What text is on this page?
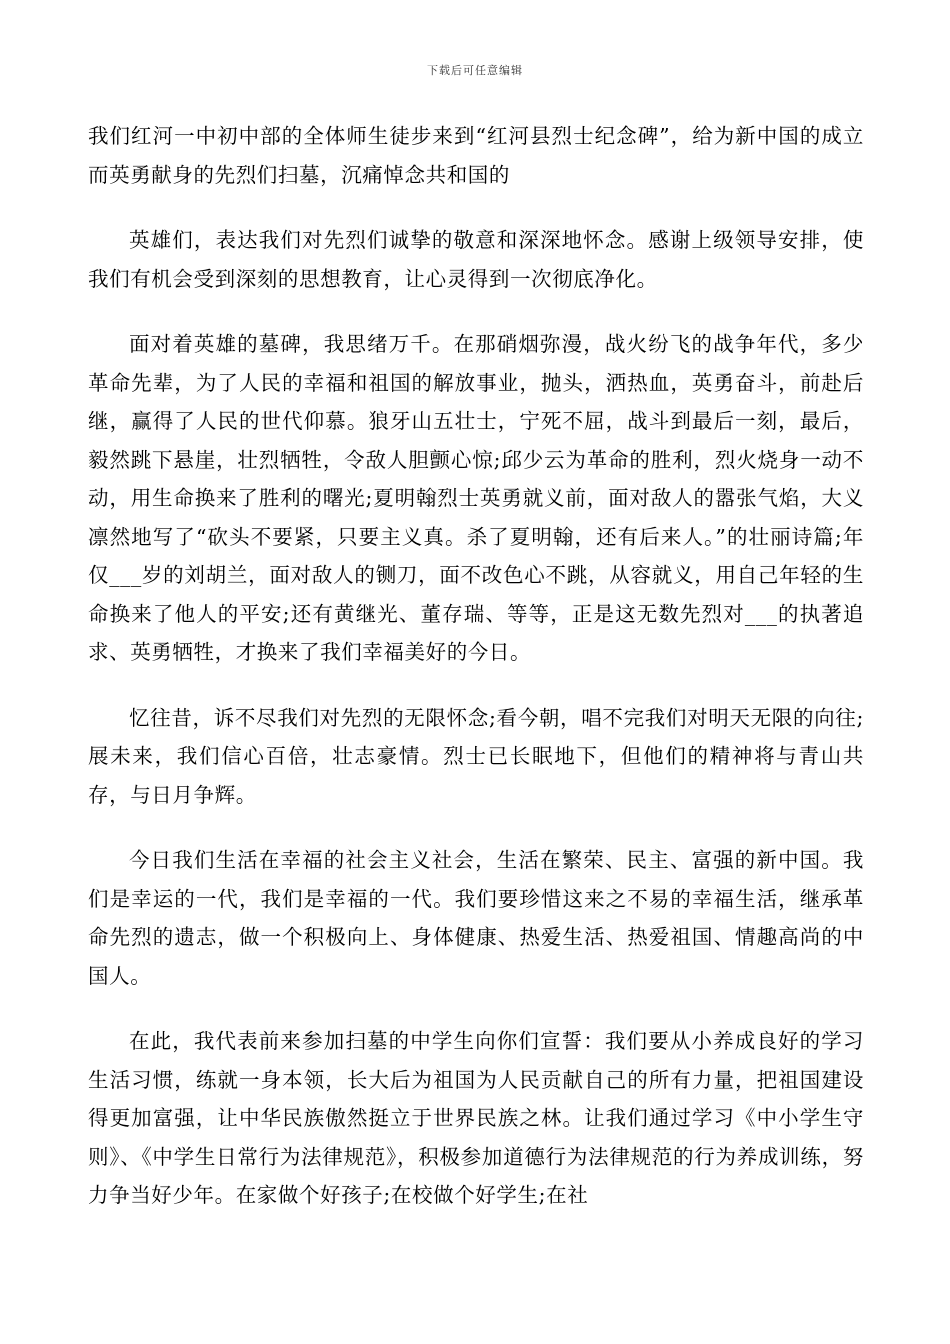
下载后可任意编辑

我们红河一中初中部的全体师生徒步来到“红河县烈士纪念碑”，给为新中国的成立而英勇献身的先烈们扫墓，沉痛悼念共和国的

英雄们，表达我们对先烈们诚挚的敬意和深深地怀念。感谢上级领导安排，使我们有机会受到深刻的思想教育，让心灵得到一次彻底净化。

面对着英雄的墓碑，我思绪万千。在那硝烟弥漫，战火纷飞的战争年代，多少革命先辈，为了人民的幸福和祖国的解放事业，抛头，洒热血，英勇奋斗，前赴后继，赢得了人民的世代仰慕。狼牙山五壮士，宁死不屈，战斗到最后一刻，最后，毅然跳下悬崖，壮烈牺牲，令敌人胆颤心惊;邱少云为革命的胜利，烈火烧身一动不动，用生命换来了胜利的曙光;夏明翰烈士英勇就义前，面对敌人的嚣张气焰，大义凛然地写了“砍头不要紧，只要主义真。杀了夏明翰，还有后来人。”的壮丽诗篇;年仅___岁的刘胡兰，面对敌人的铡刀，面不改色心不跳，从容就义，用自己年轻的生命换来了他人的平安;还有黄继光、董存瑞、等等，正是这无数先烈对___的执著追求、英勇牺牲，才换来了我们幸福美好的今日。

忆往昔，诉不尽我们对先烈的无限怀念;看今朝，唱不完我们对明天无限的向往;展未来，我们信心百倍，壮志豪情。烈士已长眠地下，但他们的精神将与青山共存，与日月争辉。

今日我们生活在幸福的社会主义社会，生活在繁荣、民主、富强的新中国。我们是幸运的一代，我们是幸福的一代。我们要珍惜这来之不易的幸福生活，继承革命先烈的遗志，做一个积极向上、身体健康、热爱生活、热爱祖国、情趣高尚的中国人。

在此，我代表前来参加扫墓的中学生向你们宣誓：我们要从小养成良好的学习生活习惯，练就一身本领，长大后为祖国为人民贡献自己的所有力量，把祖国建设得更加富强，让中华民族傲然挺立于世界民族之林。让我们通过学习《中小学生守则》、《中学生日常行为法律规范》，积极参加道德行为法律规范的行为养成训练，努力争当好少年。在家做个好孩子;在校做个好学生;在社
